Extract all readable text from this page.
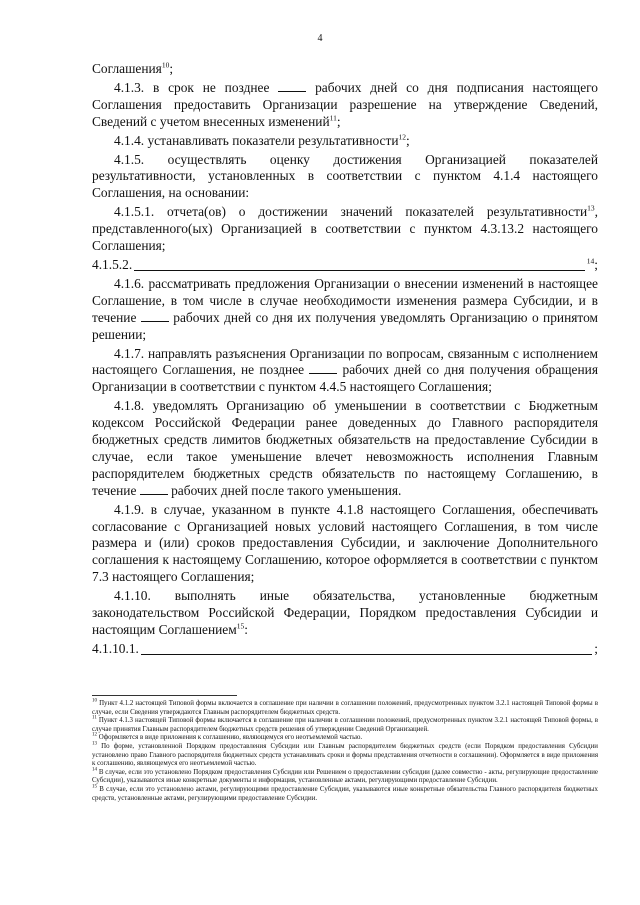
4

Соглашения$^{10}$;

4.1.3. в срок не позднее  рабочих дней со дня подписания настоящего Соглашения предоставить Организации разрешение на утверждение Сведений, Сведений с учетом внесенных изменений$^{11}$;

4.1.4. устанавливать показатели результативности$^{12}$;

4.1.5. осуществлять оценку достижения Организацией показателей результативности, установленных в соответствии с пунктом 4.1.4 настоящего Соглашения, на основании:

4.1.5.1. отчета(ов) о достижении значений показателей результативности$^{13}$, представленного(ых) Организацией в соответствии с пунктом 4.3.13.2 настоящего Соглашения;

4.1.5.2.	$^{14}$;

4.1.6. рассматривать предложения Организации о внесении изменений в настоящее Соглашение, в том числе в случае необходимости изменения размера Субсидии, и в течение  рабочих дней со дня их получения уведомлять Организацию о принятом решении;

4.1.7. направлять разъяснения Организации по вопросам, связанным с исполнением настоящего Соглашения, не позднее  рабочих дней со дня получения обращения Организации в соответствии с пунктом 4.4.5 настоящего Соглашения;

4.1.8. уведомлять Организацию об уменьшении в соответствии с Бюджетным кодексом Российской Федерации ранее доведенных до Главного распорядителя бюджетных средств лимитов бюджетных обязательств на предоставление Субсидии в случае, если такое уменьшение влечет невозможность исполнения Главным распорядителем бюджетных средств обязательств по настоящему Соглашению, в течение  рабочих дней после такого уменьшения.

4.1.9. в случае, указанном в пункте 4.1.8 настоящего Соглашения, обеспечивать согласование с Организацией новых условий настоящего Соглашения, в том числе размера и (или) сроков предоставления Субсидии, и заключение Дополнительного соглашения к настоящему Соглашению, которое оформляется в соответствии с пунктом 7.3 настоящего Соглашения;

4.1.10. выполнять иные обязательства, установленные бюджетным законодательством Российской Федерации, Порядком предоставления Субсидии и настоящим Соглашением$^{15}$:

4.1.10.1.	;

$^{10}$ Пункт 4.1.2 настоящей Типовой формы включается в соглашение при наличии в соглашении положений, предусмотренных пунктом 3.2.1 настоящей Типовой формы в случае, если Сведения утверждаются Главным распорядителем бюджетных средств.

$^{11}$ Пункт 4.1.3 настоящей Типовой формы включается в соглашение при наличии в соглашении положений, предусмотренных пунктом 3.2.1 настоящей Типовой формы, в случае принятия Главным распорядителем бюджетных средств решения об утверждении Сведений Организацией.

$^{12}$ Оформляется в виде приложения к соглашению, являющемуся его неотъемлемой частью.

$^{13}$ По форме, установленной Порядком предоставления Субсидии или Главным распорядителем бюджетных средств (если Порядком предоставления Субсидии установлено право Главного распорядителя бюджетных средств устанавливать сроки и формы представления отчетности в соглашении). Оформляется в виде приложения к соглашению, являющемуся его неотъемлемой частью.

$^{14}$ В случае, если это установлено Порядком предоставления Субсидии или Решением о предоставлении субсидии (далее совместно - акты, регулирующие предоставление Субсидии), указываются иные конкретные документы и информация, установленные актами, регулирующими предоставление Субсидии.

$^{15}$ В случае, если это установлено актами, регулирующими предоставление Субсидии, указываются иные конкретные обязательства Главного распорядителя бюджетных средств, установленные актами, регулирующими предоставление Субсидии.
